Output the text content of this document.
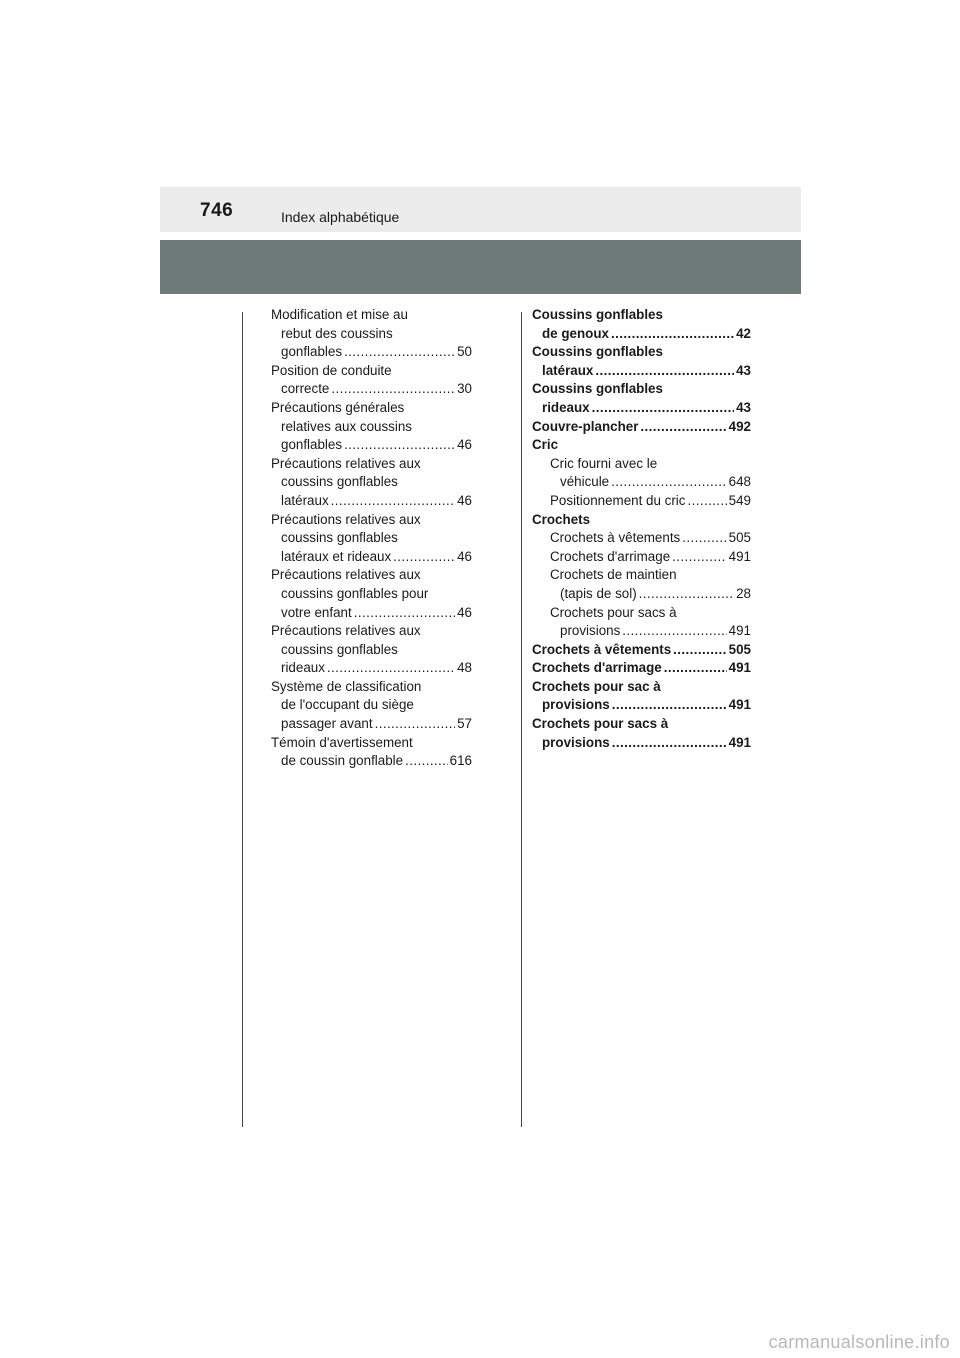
746	Index alphabétique
Modification et mise au
rebut des coussins
gonflables .....	50
Position de conduite
correcte .....	30
Précautions générales
relatives aux coussins
gonflables .....	46
Précautions relatives aux
coussins gonflables
latéraux .....	46
Précautions relatives aux
coussins gonflables
latéraux et rideaux .....	46
Précautions relatives aux
coussins gonflables pour
votre enfant .....	46
Précautions relatives aux
coussins gonflables
rideaux .....	48
Système de classification
de l'occupant du siège
passager avant .....	57
Témoin d'avertissement
de coussin gonflable .....	616
Coussins gonflables
de genoux .....	42
Coussins gonflables
latéraux .....	43
Coussins gonflables
rideaux .....	43
Couvre-plancher .....	492
Cric
Cric fourni avec le
véhicule .....	648
Positionnement du cric .....	549
Crochets
Crochets à vêtements .....	505
Crochets d'arrimage .....	491
Crochets de maintien
(tapis de sol) .....	28
Crochets pour sacs à
provisions .....	491
Crochets à vêtements .....	505
Crochets d'arrimage .....	491
Crochets pour sac à
provisions .....	491
Crochets pour sacs à
provisions .....	491
carmanualsonline.info
